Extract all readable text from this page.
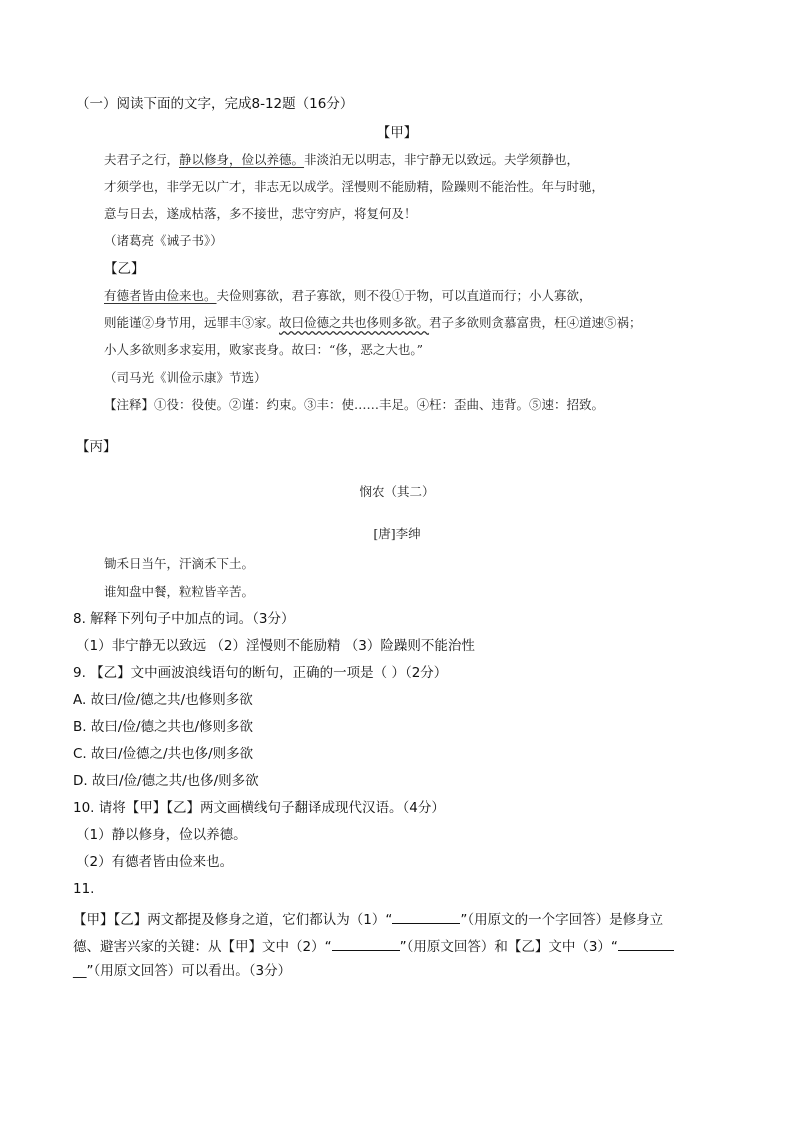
（一）阅读下面的文字，完成8-12题（16分）
【甲】
夫君子之行，静以修身，俭以养德。非淡泊无以明志，非宁静无以致远。夫学须静也，
才须学也，非学无以广才，非志无以成学。淫慢则不能励精，险躁则不能治性。年与时驰，
意与日去，遂成枯落，多不接世，悲守穷庐，将复何及！
（诸葛亮《诫子书》）
【乙】
有德者皆由俭来也。夫俭则寡欲，君子寡欲，则不役①于物，可以直道而行；小人寡欲，
则能谨②身节用，远罪丰③家。故曰俭德之共也侈则多欲。君子多欲则贪慕富贵，枉④道速⑤祸；
小人多欲则多求妄用，败家丧身。故曰：“侈，恶之大也。”
（司马光《训俭示康》节选）
【注释】①役：役使。②谨：约束。③丰：使……丰足。④枉：歪曲、违背。⑤速：招致。
【丙】
悯农（其二）
[唐]李绅
锄禾日当午，汗滴禾下土。
谁知盘中餐，粒粒皆辛苦。
8. 解释下列句子中加点的词。（3分）
（1）非宁静无以致远 （2）淫慢则不能励精 （3）险躁则不能治性
9. 【乙】文中画波浪线语句的断句，正确的一项是（ ）（2分）
A. 故曰/俭/德之共/也修则多欲
B. 故曰/俭/德之共也/修则多欲
C. 故曰/俭德之/共也侈/则多欲
D. 故曰/俭/德之共/也侈/则多欲
10. 请将【甲】【乙】两文画横线句子翻译成现代汉语。（4分）
（1）静以修身，俭以养德。
（2）有德者皆由俭来也。
11.
【甲】【乙】两文都提及修身之道，它们都认为（1）“	”（用原文的一个字回答）是修身立
德、避害兴家的关键：从【甲】文中（2）“	”（用原文回答）和【乙】文中（3）“
__”（用原文回答）可以看出。（3分）
